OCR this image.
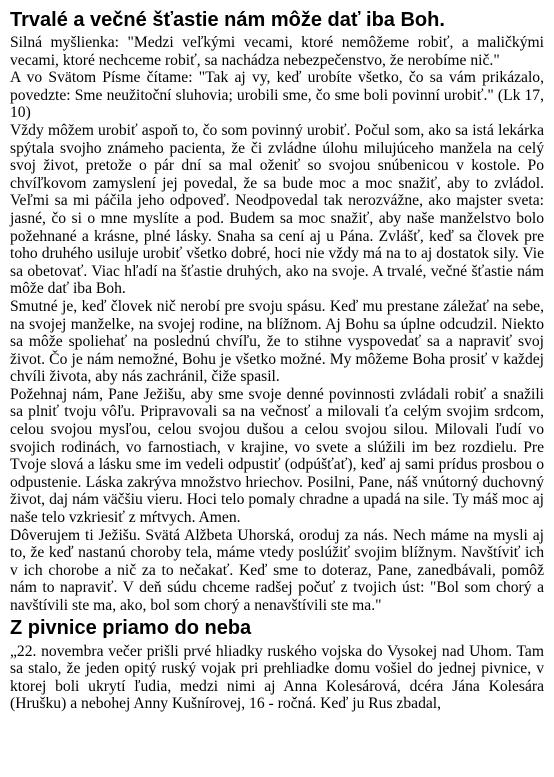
Trvalé a večné šťastie nám môže dať iba Boh.

Silná myšlienka: "Medzi veľkými vecami, ktoré nemôžeme robiť, a maličkými vecami, ktoré nechceme robiť, sa nachádza nebezpečenstvo, že nerobíme nič."

A vo Svätom Písme čítame: "Tak aj vy, keď urobíte všetko, čo sa vám prikázalo, povedzte: Sme neužitoční sluhovia; urobili sme, čo sme boli povinní urobiť." (Lk 17, 10)

Vždy môžem urobiť aspoň to, čo som povinný urobiť. Počul som, ako sa istá lekárka spýtala svojho známeho pacienta, že či zvládne úlohu milujúceho manžela na celý svoj život, pretože o pár dní sa mal oženiť so svojou snúbenicou v kostole. Po chvíľkovom zamyslení jej povedal, že sa bude moc a moc snažiť, aby to zvládol. Veľmi sa mi páčila jeho odpoveď. Neodpovedal tak nerozvážne, ako majster sveta: jasné, čo si o mne myslíte a pod. Budem sa moc snažiť, aby naše manželstvo bolo požehnané a krásne, plné lásky. Snaha sa cení aj u Pána. Zvlášť, keď sa človek pre toho druhého usiluje urobiť všetko dobré, hoci nie vždy má na to aj dostatok sily. Vie sa obetovať. Viac hľadí na šťastie druhých, ako na svoje. A trvalé, večné šťastie nám môže dať iba Boh.

Smutné je, keď človek nič nerobí pre svoju spásu. Keď mu prestane záležať na sebe, na svojej manželke, na svojej rodine, na blížnom. Aj Bohu sa úplne odcudzil. Niekto sa môže spoliehať na poslednú chvíľu, že to stihne vyspovedať sa a napraviť svoj život. Čo je nám nemožné, Bohu je všetko možné. My môžeme Boha prosiť v každej chvíli života, aby nás zachránil, čiže spasil.

Požehnaj nám, Pane Ježišu, aby sme svoje denné povinnosti zvládali robiť a snažili sa plniť tvoju vôľu. Pripravovali sa na večnosť a milovali ťa celým svojim srdcom, celou svojou mysľou, celou svojou dušou a celou svojou silou. Milovali ľudí vo svojich rodinách, vo farnostiach, v krajine, vo svete a slúžili im bez rozdielu. Pre Tvoje slová a lásku sme im vedeli odpustiť (odpúšťať), keď aj sami prídus prosbou o odpustenie. Láska zakrýva množstvo hriechov. Posilni, Pane, náš vnútorný duchovný život, daj nám väčšiu vieru. Hoci telo pomaly chradne a upadá na sile. Ty máš moc aj naše telo vzkriesiť z mŕtvych. Amen.

Dôverujem ti Ježišu. Svätá Alžbeta Uhorská, oroduj za nás. Nech máme na mysli aj to, že keď nastanú choroby tela, máme vtedy poslúžiť svojim blížnym. Navštíviť ich v ich chorobe a nič za to nečakať. Keď sme to doteraz, Pane, zanedbávali, pomôž nám to napraviť. V deň súdu chceme radšej počuť z tvojich úst: "Bol som chorý a navštívili ste ma, ako, bol som chorý a nenavštívili ste ma."

Z pivnice priamo do neba

„22. novembra večer prišli prvé hliadky ruského vojska do Vysokej nad Uhom. Tam sa stalo, že jeden opitý ruský vojak pri prehliadke domu vošiel do jednej pivnice, v ktorej boli ukrytí ľudia, medzi nimi aj Anna Kolesárová, dcéra Jána Kolesára (Hrušku) a nebohej Anny Kušnírovej, 16 - ročná. Keď ju Rus zbadal,
